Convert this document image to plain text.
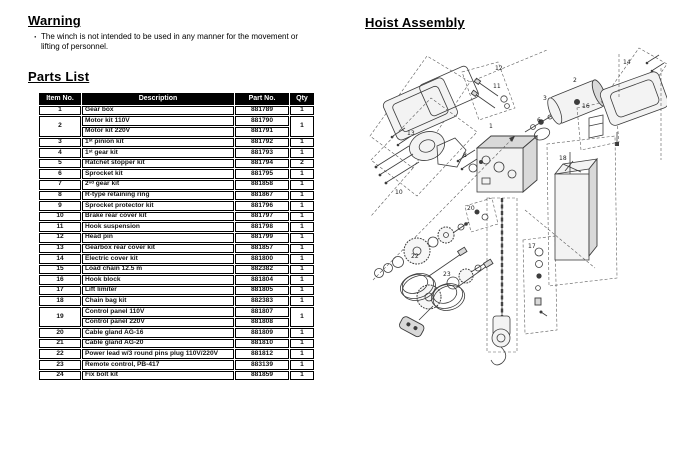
Warning
· The winch is not intended to be used in any manner for the movement or lifting of personnel.
Parts List
Item No.	Description	Part No.	Qty
1	Gear box	881789	1
2	Motor kit 110V	881790	1
	Motor kit 220V	881791	
3	1ˢᵗ pinion kit	881792	1
4	1ˢᵗ gear kit	881793	1
5	Ratchet stopper kit	881794	2
6	Sprocket kit	881795	1
7	2ⁿᵈ gear kit	881858	1
8	R-type retaining ring	881867	1
9	Sprocket protector kit	881796	1
10	Brake rear cover kit	881797	1
11	Hook suspension	881798	1
12	Head pin	881799	1
13	Gearbox rear cover kit	881857	1
14	Electric cover kit	881800	1
15	Load chain 12.5 m	882382	1
16	Hook block	881804	1
17	Lift limiter	881805	1
18	Chain bag kit	882383	1
19	Control panel 110V	881807	1
	Control panel 220V	881808	
20	Cable gland AG-16	881809	1
21	Cable gland AG-20	881810	1
22	Power lead w/3 round pins plug 110V/220V	881812	1
23	Remote control, PB-417	883139	1
24	Fix bolt kit	881859	1
Hoist Assembly
13
12
11
1
3
2
6
16
14
10
8
20
17
18
22
23
